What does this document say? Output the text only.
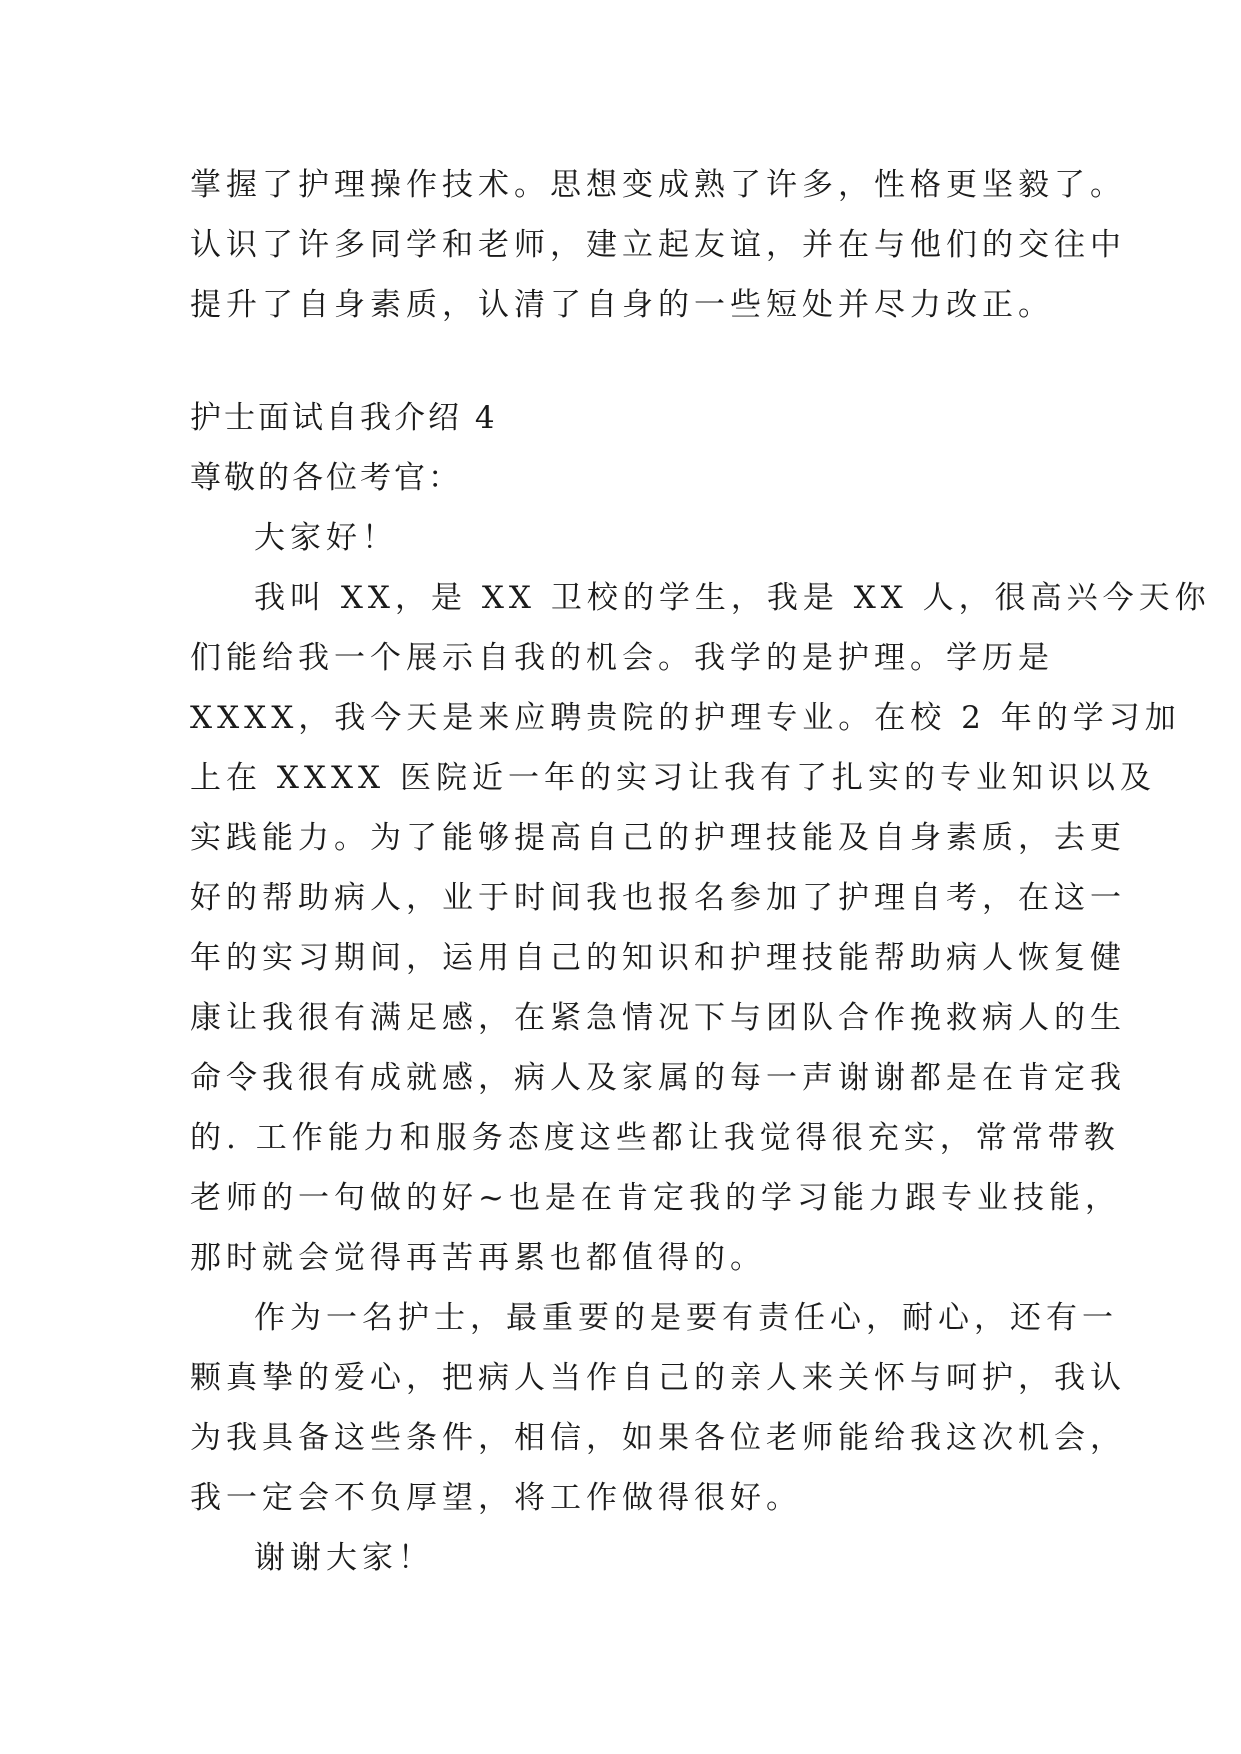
掌握了护理操作技术。思想变成熟了许多，性格更坚毅了。

认识了许多同学和老师，建立起友谊，并在与他们的交往中

提升了自身素质，认清了自身的一些短处并尽力改正。

护士面试自我介绍 4

尊敬的各位考官：

大家好！

我叫 XX，是 XX 卫校的学生，我是 XX 人，很高兴今天你

们能给我一个展示自我的机会。我学的是护理。学历是

XXXX，我今天是来应聘贵院的护理专业。在校 2 年的学习加

上在 XXXX 医院近一年的实习让我有了扎实的专业知识以及

实践能力。为了能够提高自己的护理技能及自身素质，去更

好的帮助病人，业于时间我也报名参加了护理自考，在这一

年的实习期间，运用自己的知识和护理技能帮助病人恢复健

康让我很有满足感，在紧急情况下与团队合作挽救病人的生

命令我很有成就感，病人及家属的每一声谢谢都是在肯定我

的. 工作能力和服务态度这些都让我觉得很充实，常常带教

老师的一句做的好~也是在肯定我的学习能力跟专业技能，

那时就会觉得再苦再累也都值得的。

作为一名护士，最重要的是要有责任心，耐心，还有一

颗真挚的爱心，把病人当作自己的亲人来关怀与呵护，我认

为我具备这些条件，相信，如果各位老师能给我这次机会，

我一定会不负厚望，将工作做得很好。

谢谢大家！
